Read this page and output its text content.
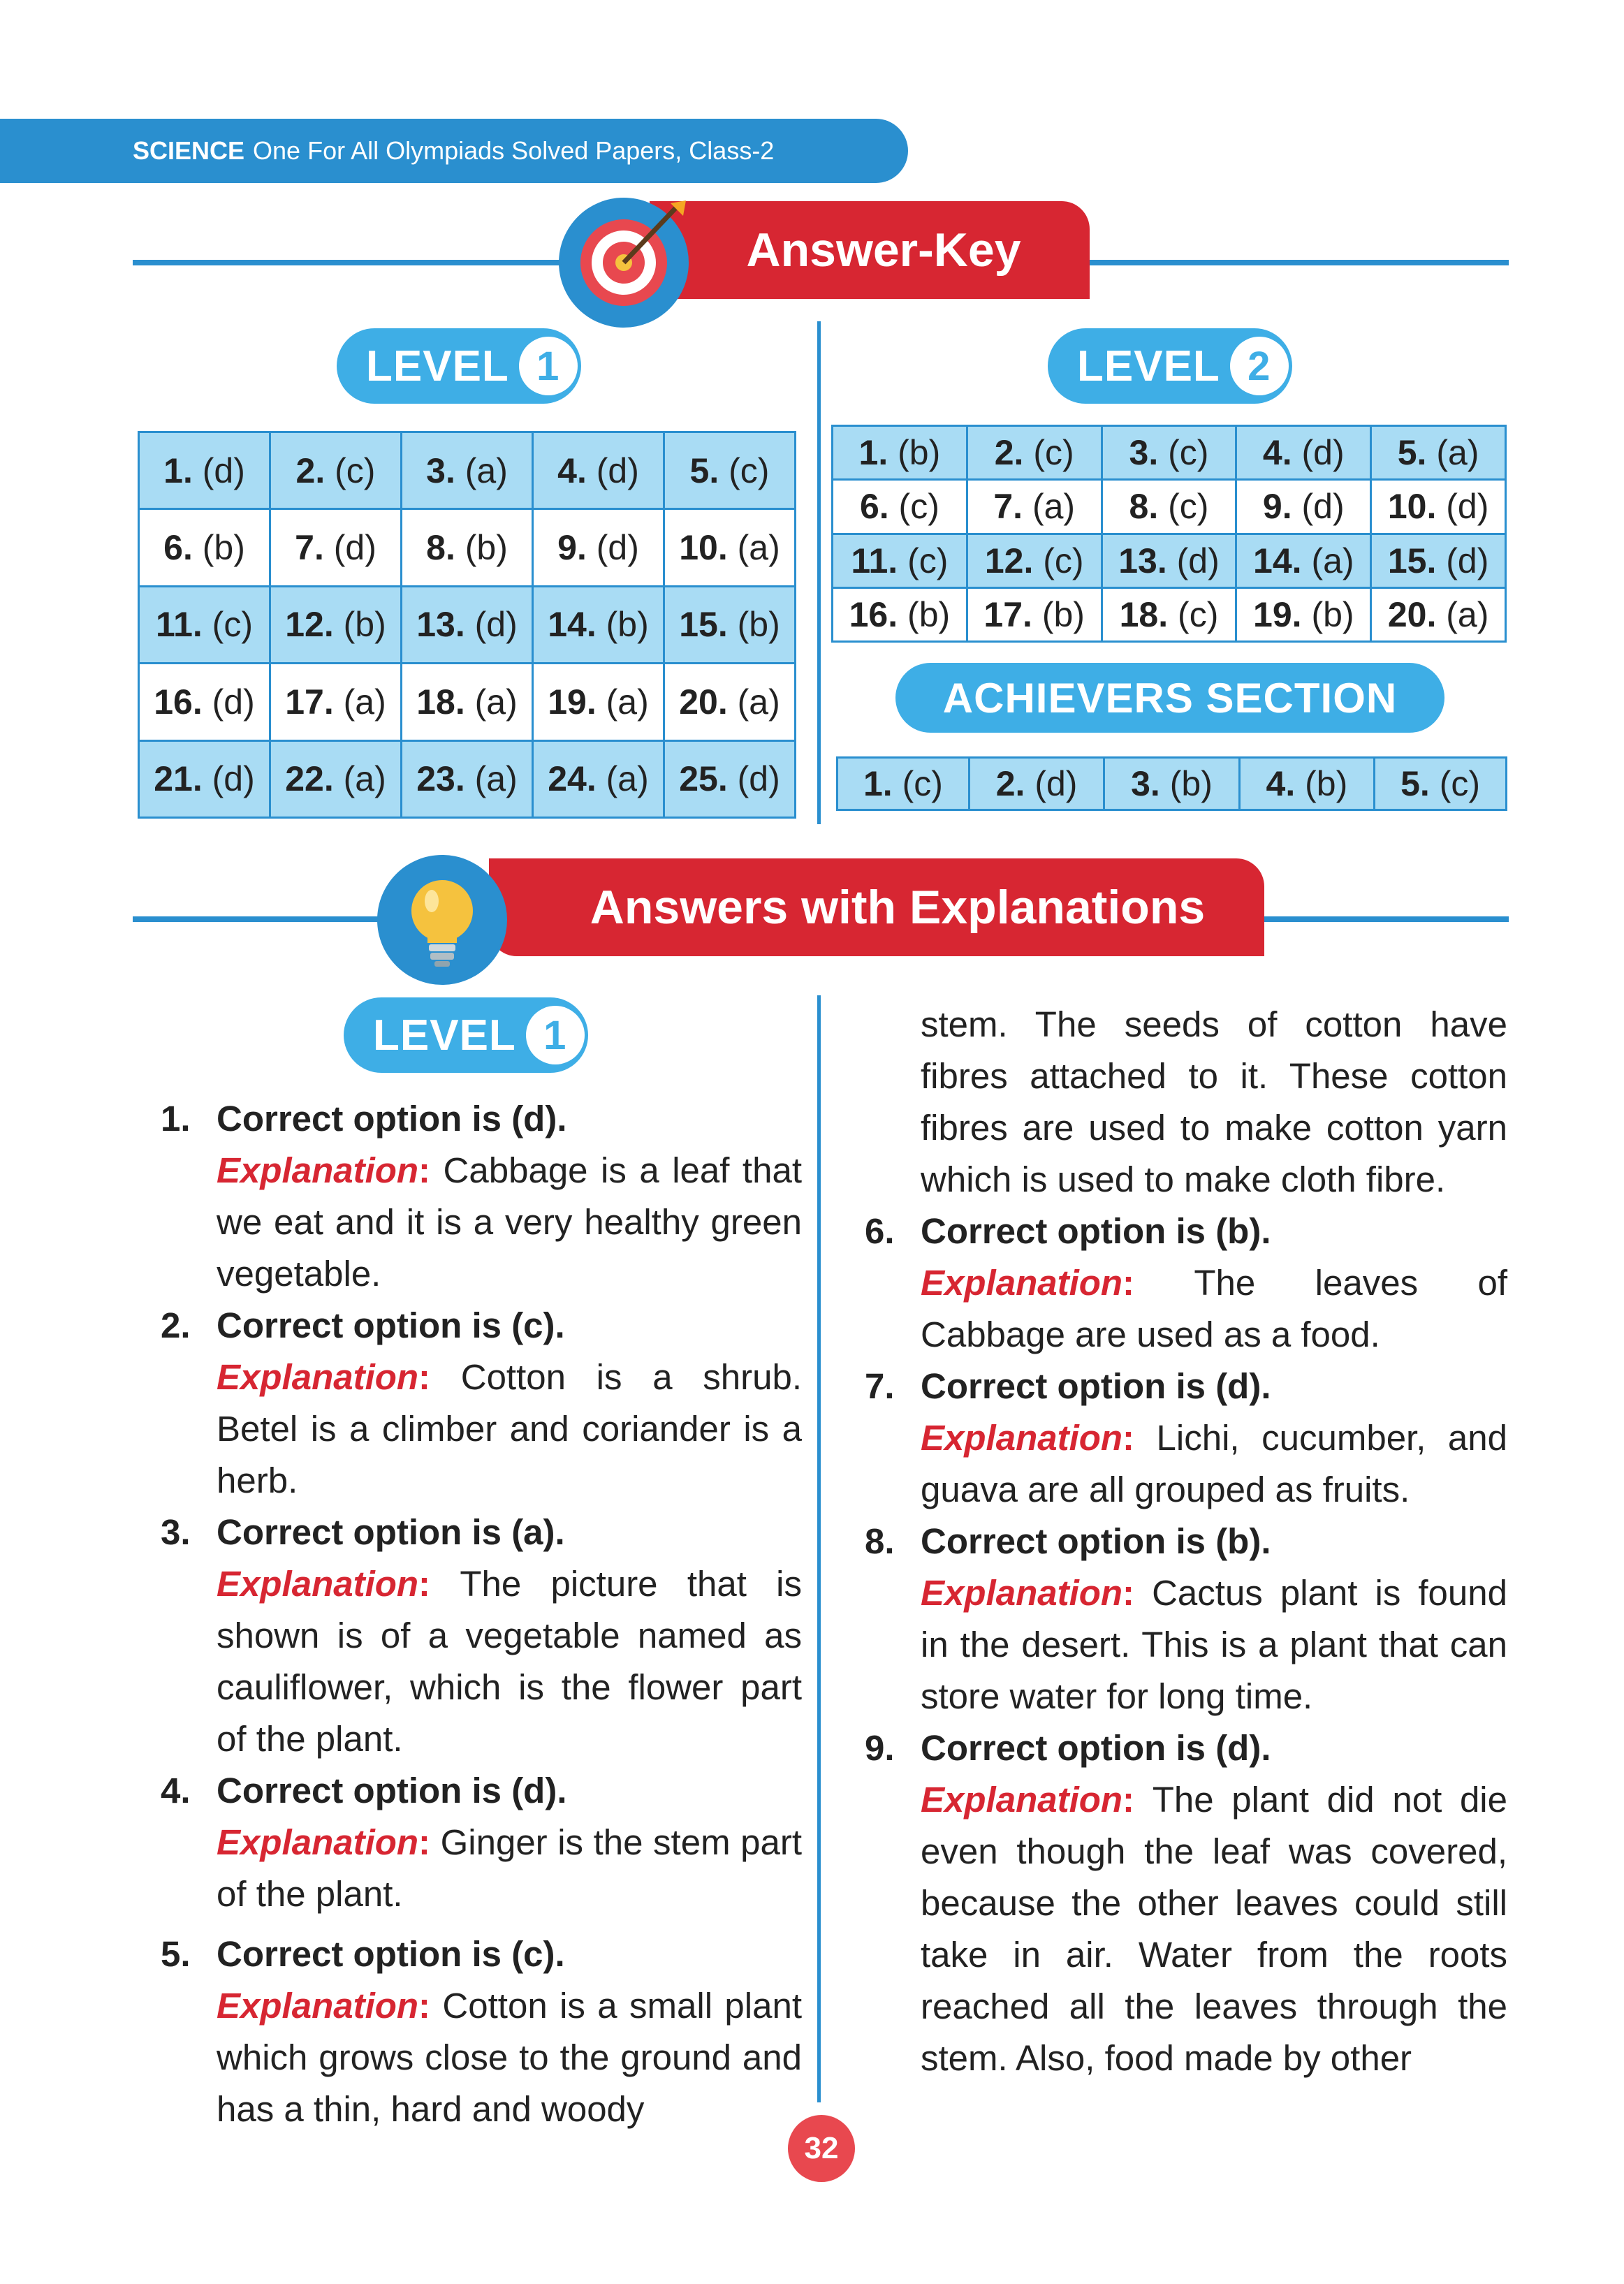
SCIENCE One For All Olympiads Solved Papers, Class-2
Answer-Key
LEVEL 1	LEVEL 2
1. (d)	2. (c)	3. (a)	4. (d)	5. (c)
6. (b)	7. (d)	8. (b)	9. (d)	10. (a)
11. (c)	12. (b)	13. (d)	14. (b)	15. (b)
16. (d)	17. (a)	18. (a)	19. (a)	20. (a)
21. (d)	22. (a)	23. (a)	24. (a)	25. (d)
1. (b)	2. (c)	3. (c)	4. (d)	5. (a)
6. (c)	7. (a)	8. (c)	9. (d)	10. (d)
11. (c)	12. (c)	13. (d)	14. (a)	15. (d)
16. (b)	17. (b)	18. (c)	19. (b)	20. (a)
ACHIEVERS SECTION
1. (c)	2. (d)	3. (b)	4. (b)	5. (c)
Answers with Explanations
LEVEL 1
1. Correct option is (d).
Explanation: Cabbage is a leaf that we eat and it is a very healthy green vegetable.
2. Correct option is (c).
Explanation: Cotton is a shrub. Betel is a climber and coriander is a herb.
3. Correct option is (a).
Explanation: The picture that is shown is of a vegetable named as cauliflower, which is the flower part of the plant.
4. Correct option is (d).
Explanation: Ginger is the stem part of the plant.
5. Correct option is (c).
Explanation: Cotton is a small plant which grows close to the ground and has a thin, hard and woody
stem. The seeds of cotton have fibres attached to it. These cotton fibres are used to make cotton yarn which is used to make cloth fibre.
6. Correct option is (b).
Explanation: The leaves of Cabbage are used as a food.
7. Correct option is (d).
Explanation: Lichi, cucumber, and guava are all grouped as fruits.
8. Correct option is (b).
Explanation: Cactus plant is found in the desert. This is a plant that can store water for long time.
9. Correct option is (d).
Explanation: The plant did not die even though the leaf was covered, because the other leaves could still take in air. Water from the roots reached all the leaves through the stem. Also, food made by other
32
